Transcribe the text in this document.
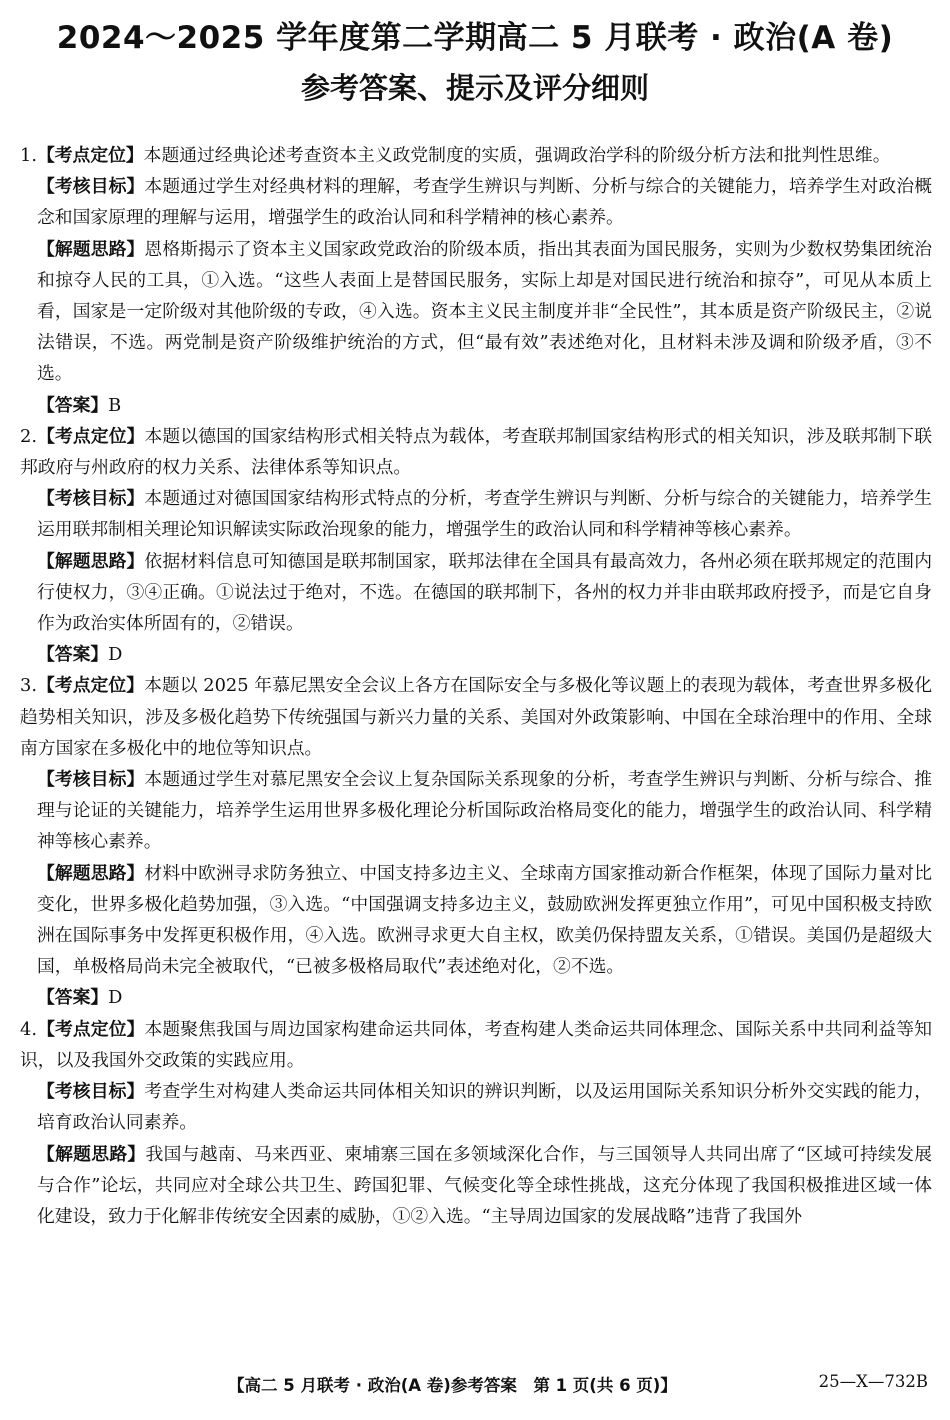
2024～2025 学年度第二学期高二 5 月联考 · 政治(A 卷)
参考答案、提示及评分细则

1.【考点定位】本题通过经典论述考查资本主义政党制度的实质，强调政治学科的阶级分析方法和批判性思维。

【考核目标】本题通过学生对经典材料的理解，考查学生辨识与判断、分析与综合的关键能力，培养学生对政治概念和国家原理的理解与运用，增强学生的政治认同和科学精神的核心素养。

【解题思路】恩格斯揭示了资本主义国家政党政治的阶级本质，指出其表面为国民服务，实则为少数权势集团统治和掠夺人民的工具，①入选。“这些人表面上是替国民服务，实际上却是对国民进行统治和掠夺”，可见从本质上看，国家是一定阶级对其他阶级的专政，④入选。资本主义民主制度并非“全民性”，其本质是资产阶级民主，②说法错误，不选。两党制是资产阶级维护统治的方式，但“最有效”表述绝对化，且材料未涉及调和阶级矛盾，③不选。

【答案】B

2.【考点定位】本题以德国的国家结构形式相关特点为载体，考查联邦制国家结构形式的相关知识，涉及联邦制下联邦政府与州政府的权力关系、法律体系等知识点。

【考核目标】本题通过对德国国家结构形式特点的分析，考查学生辨识与判断、分析与综合的关键能力，培养学生运用联邦制相关理论知识解读实际政治现象的能力，增强学生的政治认同和科学精神等核心素养。

【解题思路】依据材料信息可知德国是联邦制国家，联邦法律在全国具有最高效力，各州必须在联邦规定的范围内行使权力，③④正确。①说法过于绝对，不选。在德国的联邦制下，各州的权力并非由联邦政府授予，而是它自身作为政治实体所固有的，②错误。

【答案】D

3.【考点定位】本题以 2025 年慕尼黑安全会议上各方在国际安全与多极化等议题上的表现为载体，考查世界多极化趋势相关知识，涉及多极化趋势下传统强国与新兴力量的关系、美国对外政策影响、中国在全球治理中的作用、全球南方国家在多极化中的地位等知识点。

【考核目标】本题通过学生对慕尼黑安全会议上复杂国际关系现象的分析，考查学生辨识与判断、分析与综合、推理与论证的关键能力，培养学生运用世界多极化理论分析国际政治格局变化的能力，增强学生的政治认同、科学精神等核心素养。

【解题思路】材料中欧洲寻求防务独立、中国支持多边主义、全球南方国家推动新合作框架，体现了国际力量对比变化，世界多极化趋势加强，③入选。“中国强调支持多边主义，鼓励欧洲发挥更独立作用”，可见中国积极支持欧洲在国际事务中发挥更积极作用，④入选。欧洲寻求更大自主权，欧美仍保持盟友关系，①错误。美国仍是超级大国，单极格局尚未完全被取代，“已被多极格局取代”表述绝对化，②不选。

【答案】D

4.【考点定位】本题聚焦我国与周边国家构建命运共同体，考查构建人类命运共同体理念、国际关系中共同利益等知识，以及我国外交政策的实践应用。

【考核目标】考查学生对构建人类命运共同体相关知识的辨识判断，以及运用国际关系知识分析外交实践的能力，培育政治认同素养。

【解题思路】我国与越南、马来西亚、柬埔寨三国在多领域深化合作，与三国领导人共同出席了“区域可持续发展与合作”论坛，共同应对全球公共卫生、跨国犯罪、气候变化等全球性挑战，这充分体现了我国积极推进区域一体化建设，致力于化解非传统安全因素的威胁，①②入选。“主导周边国家的发展战略”违背了我国外

【高二 5 月联考 · 政治(A 卷)参考答案　第 1 页(共 6 页)】	25—X—732B
